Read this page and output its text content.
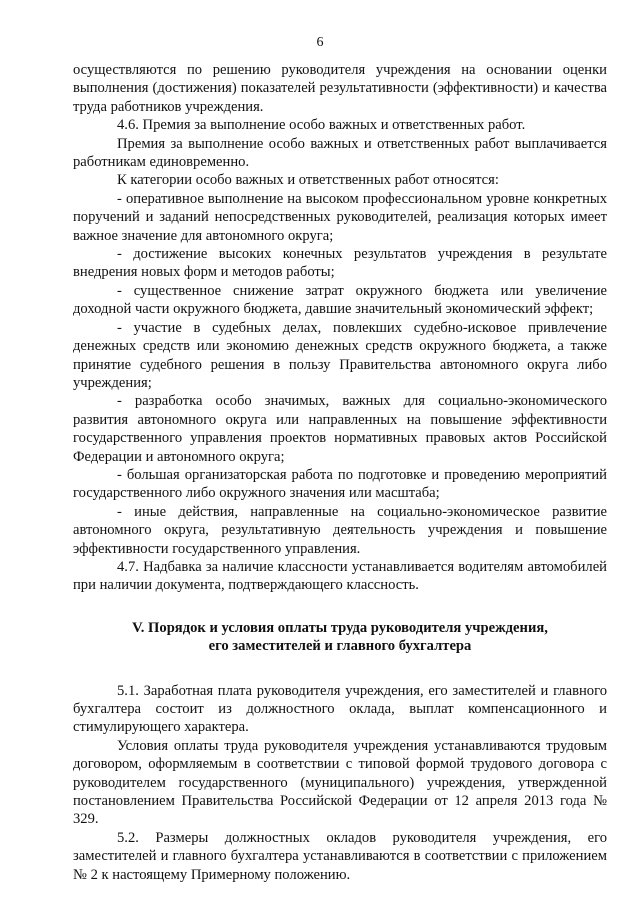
6

осуществляются по решению руководителя учреждения на основании оценки выполнения (достижения) показателей результативности (эффективности) и качества труда работников учреждения.

4.6. Премия за выполнение особо важных и ответственных работ.

Премия за выполнение особо важных и ответственных работ выплачивается работникам единовременно.

К категории особо важных и ответственных работ относятся:

- оперативное выполнение на высоком профессиональном уровне конкретных поручений и заданий непосредственных руководителей, реализация которых имеет важное значение для автономного округа;

- достижение высоких конечных результатов учреждения в результате внедрения новых форм и методов работы;

- существенное снижение затрат окружного бюджета или увеличение доходной части окружного бюджета, давшие значительный экономический эффект;

- участие в судебных делах, повлекших судебно-исковое привлечение денежных средств или экономию денежных средств окружного бюджета, а также принятие судебного решения в пользу Правительства автономного округа либо учреждения;

- разработка особо значимых, важных для социально-экономического развития автономного округа или направленных на повышение эффективности государственного управления проектов нормативных правовых актов Российской Федерации и автономного округа;

- большая организаторская работа по подготовке и проведению мероприятий государственного либо окружного значения или масштаба;

- иные действия, направленные на социально-экономическое развитие автономного округа, результативную деятельность учреждения и повышение эффективности государственного управления.

4.7. Надбавка за наличие классности устанавливается водителям автомобилей при наличии документа, подтверждающего классность.

V. Порядок и условия оплаты труда руководителя учреждения,
его заместителей и главного бухгалтера

5.1. Заработная плата руководителя учреждения, его заместителей и главного бухгалтера состоит из должностного оклада, выплат компенсационного и стимулирующего характера.

Условия оплаты труда руководителя учреждения устанавливаются трудовым договором, оформляемым в соответствии с типовой формой трудового договора с руководителем государственного (муниципального) учреждения, утвержденной постановлением Правительства Российской Федерации от 12 апреля 2013 года № 329.

5.2. Размеры должностных окладов руководителя учреждения, его заместителей и главного бухгалтера устанавливаются в соответствии с приложением № 2 к настоящему Примерному положению.
